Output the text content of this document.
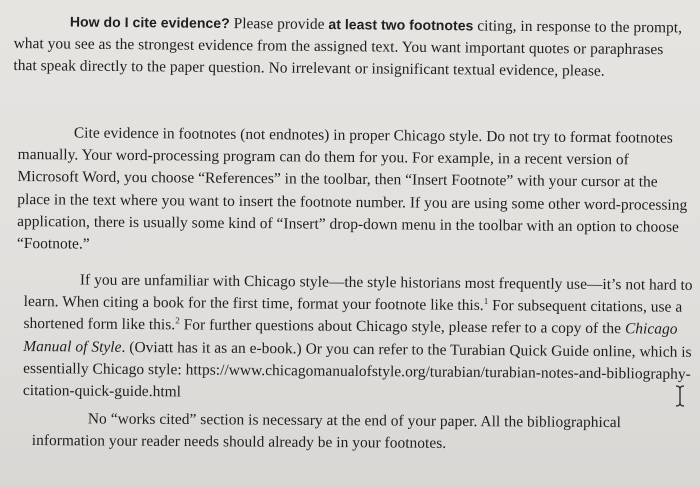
How do I cite evidence? Please provide at least two footnotes citing, in response to the prompt, what you see as the strongest evidence from the assigned text. You want important quotes or paraphrases that speak directly to the paper question. No irrelevant or insignificant textual evidence, please.

Cite evidence in footnotes (not endnotes) in proper Chicago style. Do not try to format footnotes manually. Your word-processing program can do them for you. For example, in a recent version of Microsoft Word, you choose “References” in the toolbar, then “Insert Footnote” with your cursor at the place in the text where you want to insert the footnote number. If you are using some other word-processing application, there is usually some kind of “Insert” drop-down menu in the toolbar with an option to choose “Footnote.”

If you are unfamiliar with Chicago style—the style historians most frequently use—it’s not hard to learn. When citing a book for the first time, format your footnote like this.$^1$ For subsequent citations, use a shortened form like this.$^2$ For further questions about Chicago style, please refer to a copy of the Chicago Manual of Style. (Oviatt has it as an e-book.) Or you can refer to the Turabian Quick Guide online, which is essentially Chicago style: https://www.chicagomanualofstyle.org/turabian/turabian-notes-and-bibliography-citation-quick-guide.html

No “works cited” section is necessary at the end of your paper. All the bibliographical information your reader needs should already be in your footnotes.
